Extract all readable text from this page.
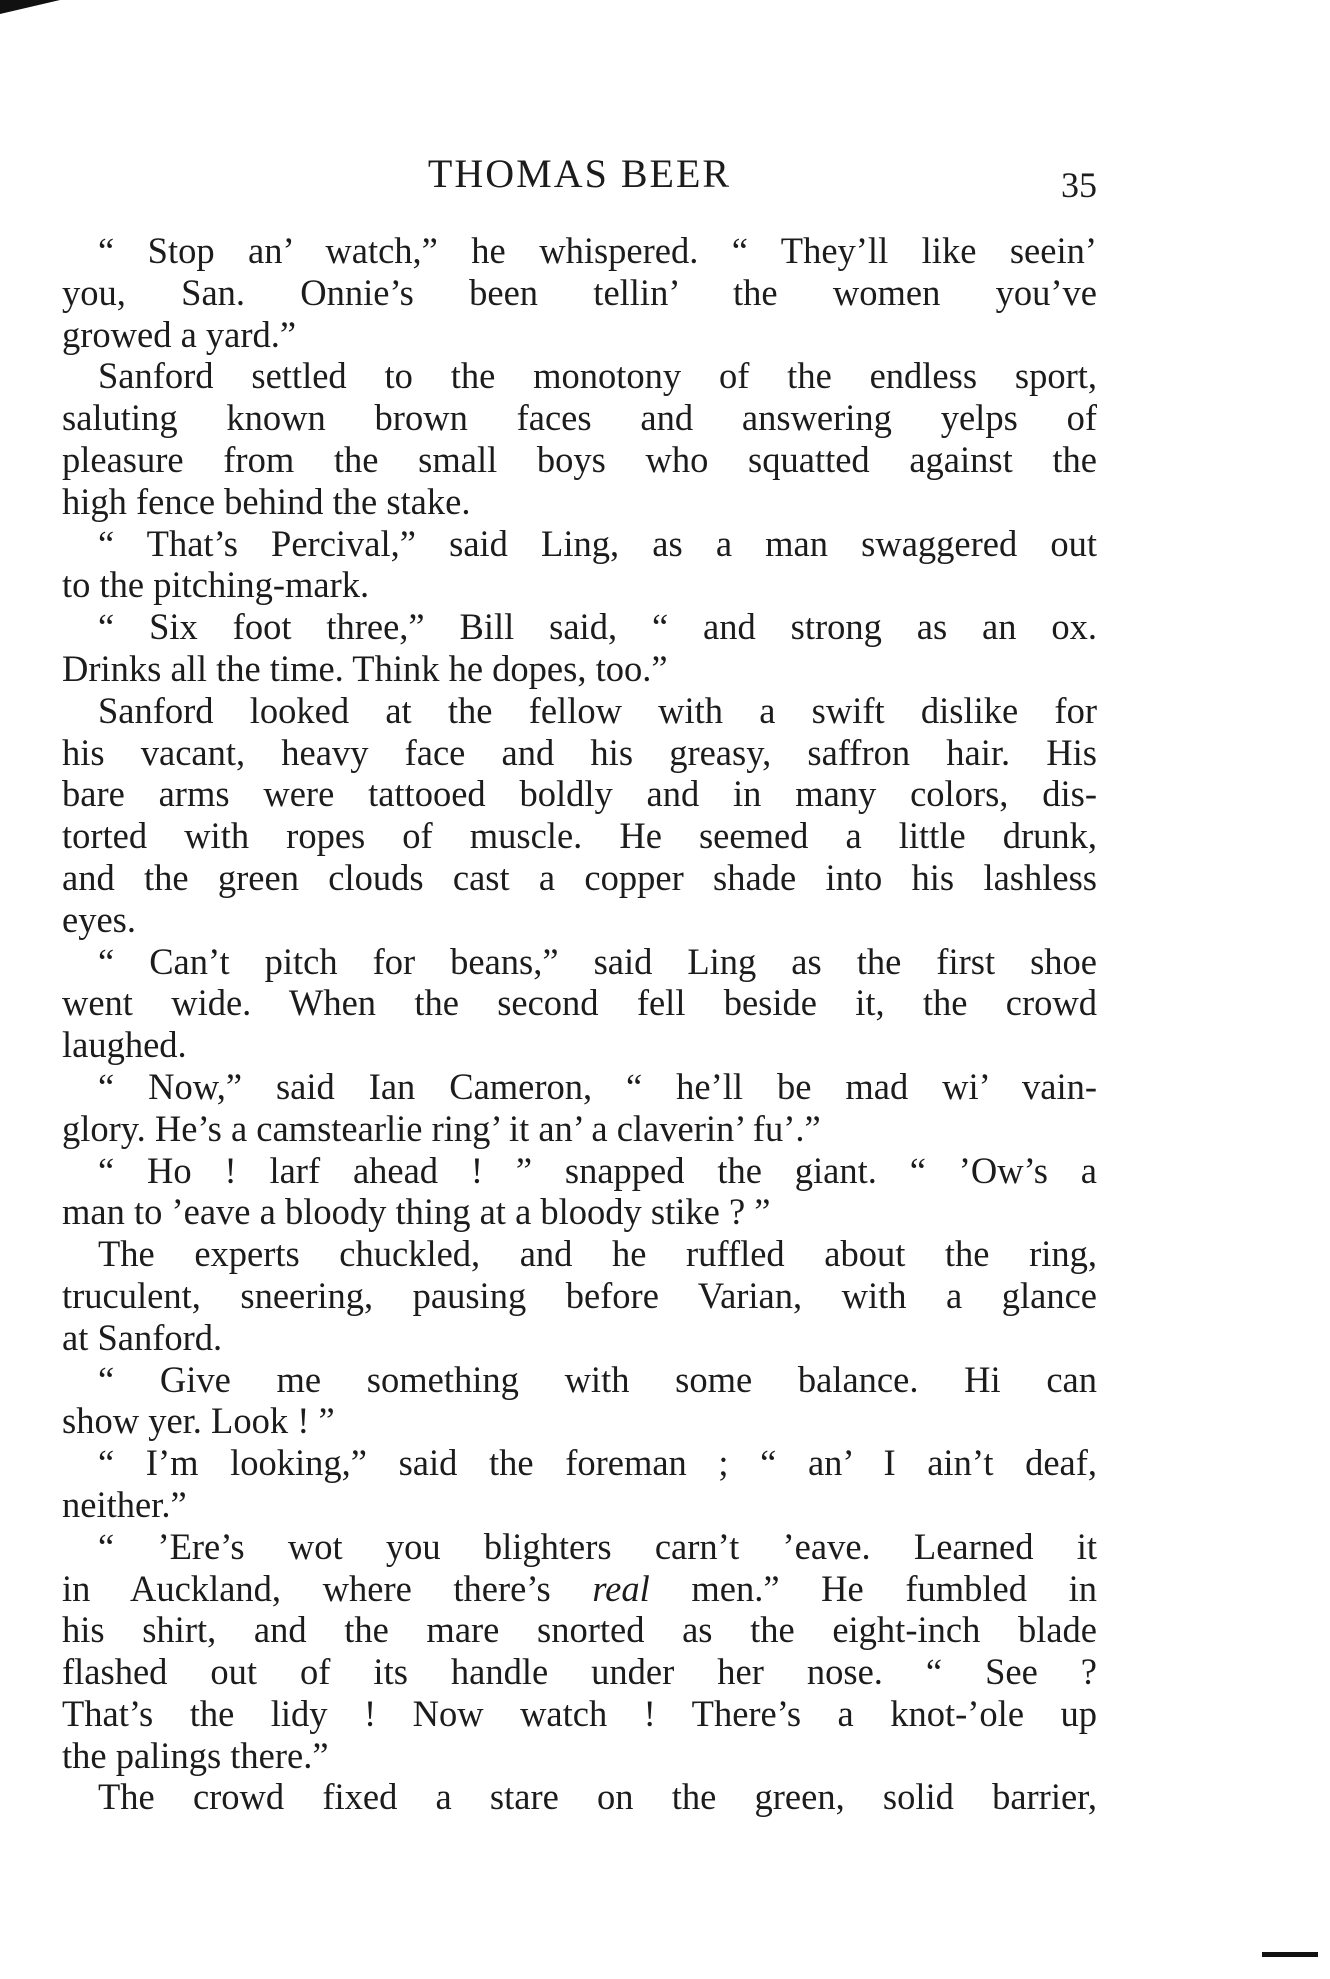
THOMAS BEER	35
“ Stop an’ watch,” he whispered. “ They’ll like seein’
you, San. Onnie’s been tellin’ the women you’ve
growed a yard.”
Sanford settled to the monotony of the endless sport,
saluting known brown faces and answering yelps of
pleasure from the small boys who squatted against the
high fence behind the stake.
“ That’s Percival,” said Ling, as a man swaggered out
to the pitching-mark.
“ Six foot three,” Bill said, “ and strong as an ox.
Drinks all the time. Think he dopes, too.”
Sanford looked at the fellow with a swift dislike for
his vacant, heavy face and his greasy, saffron hair. His
bare arms were tattooed boldly and in many colors, dis-
torted with ropes of muscle. He seemed a little drunk,
and the green clouds cast a copper shade into his lashless
eyes.
“ Can’t pitch for beans,” said Ling as the first shoe
went wide. When the second fell beside it, the crowd
laughed.
“ Now,” said Ian Cameron, “ he’ll be mad wi’ vain-
glory. He’s a camstearlie ring’ it an’ a claverin’ fu’.”
“ Ho ! larf ahead ! ” snapped the giant. “ ’Ow’s a
man to ’eave a bloody thing at a bloody stike ? ”
The experts chuckled, and he ruffled about the ring,
truculent, sneering, pausing before Varian, with a glance
at Sanford.
“ Give me something with some balance. Hi can
show yer. Look ! ”
“ I’m looking,” said the foreman ; “ an’ I ain’t deaf,
neither.”
“ ’Ere’s wot you blighters carn’t ’eave. Learned it
in Auckland, where there’s real men.” He fumbled in
his shirt, and the mare snorted as the eight-inch blade
flashed out of its handle under her nose. “ See ?
That’s the lidy ! Now watch ! There’s a knot-’ole up
the palings there.”
The crowd fixed a stare on the green, solid barrier,
